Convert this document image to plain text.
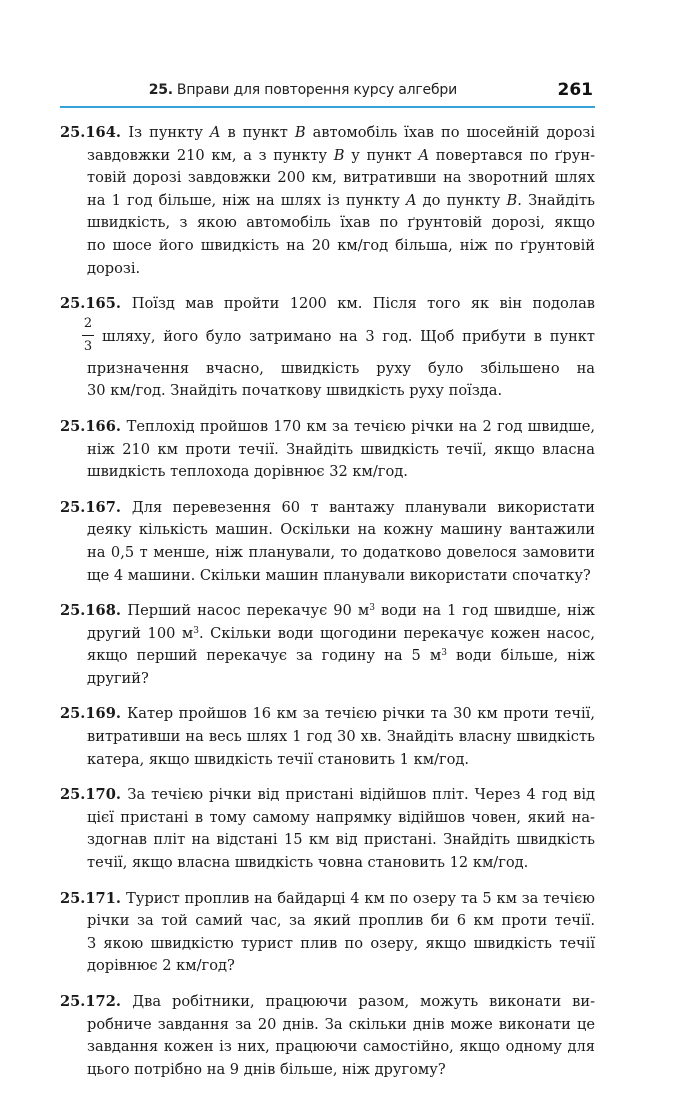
25. Вправи для повторення курсу алгебри	261
25.164. Із пункту A в пункт B автомобіль їхав по шосейній дорозі
завдовжки 210 км, а з пункту B у пункт A повертався по ґрун-
товій дорозі завдовжки 200 км, витративши на зворотний шлях
на 1 год більше, ніж на шлях із пункту A до пункту B. Знайдіть
швидкість, з якою автомобіль їхав по ґрунтовій дорозі, якщо
по шосе його швидкість на 20 км/год більша, ніж по ґрунтовій
дорозі.
25.165. Поїзд мав пройти 1200 км. Після того як він подолав
2
3
шляху, його було затримано на 3 год. Щоб прибути в пункт
призначення вчасно, швидкість руху було збільшено на
30 км/год. Знайдіть початкову швидкість руху поїзда.
25.166. Теплохід пройшов 170 км за течією річки на 2 год швидше,
ніж 210 км проти течії. Знайдіть швидкість течії, якщо власна
швидкість теплохода дорівнює 32 км/год.
25.167. Для перевезення 60 т вантажу планували використати
деяку кількість машин. Оскільки на кожну машину вантажили
на 0,5 т менше, ніж планували, то додатково довелося замовити
ще 4 машини. Скільки машин планували використати спочатку?
25.168. Перший насос перекачує 90 $м^3$ води на 1 год швидше, ніж
другий 100 $м^3$. Скільки води щогодини перекачує кожен насос,
якщо перший перекачує за годину на 5 $м^3$ води більше, ніж
другий?
25.169. Катер пройшов 16 км за течією річки та 30 км проти течії,
витративши на весь шлях 1 год 30 хв. Знайдіть власну швидкість
катера, якщо швидкість течії становить 1 км/год.
25.170. За течією річки від пристані відійшов пліт. Через 4 год від
цієї пристані в тому самому напрямку відійшов човен, який на-
здогнав пліт на відстані 15 км від пристані. Знайдіть швидкість
течії, якщо власна швидкість човна становить 12 км/год.
25.171. Турист проплив на байдарці 4 км по озеру та 5 км за течією
річки за той самий час, за який проплив би 6 км проти течії.
З якою швидкістю турист плив по озеру, якщо швидкість течії
дорівнює 2 км/год?
25.172. Два робітники, працюючи разом, можуть виконати ви-
робниче завдання за 20 днів. За скільки днів може виконати це
завдання кожен із них, працюючи самостійно, якщо одному для
цього потрібно на 9 днів більше, ніж другому?
